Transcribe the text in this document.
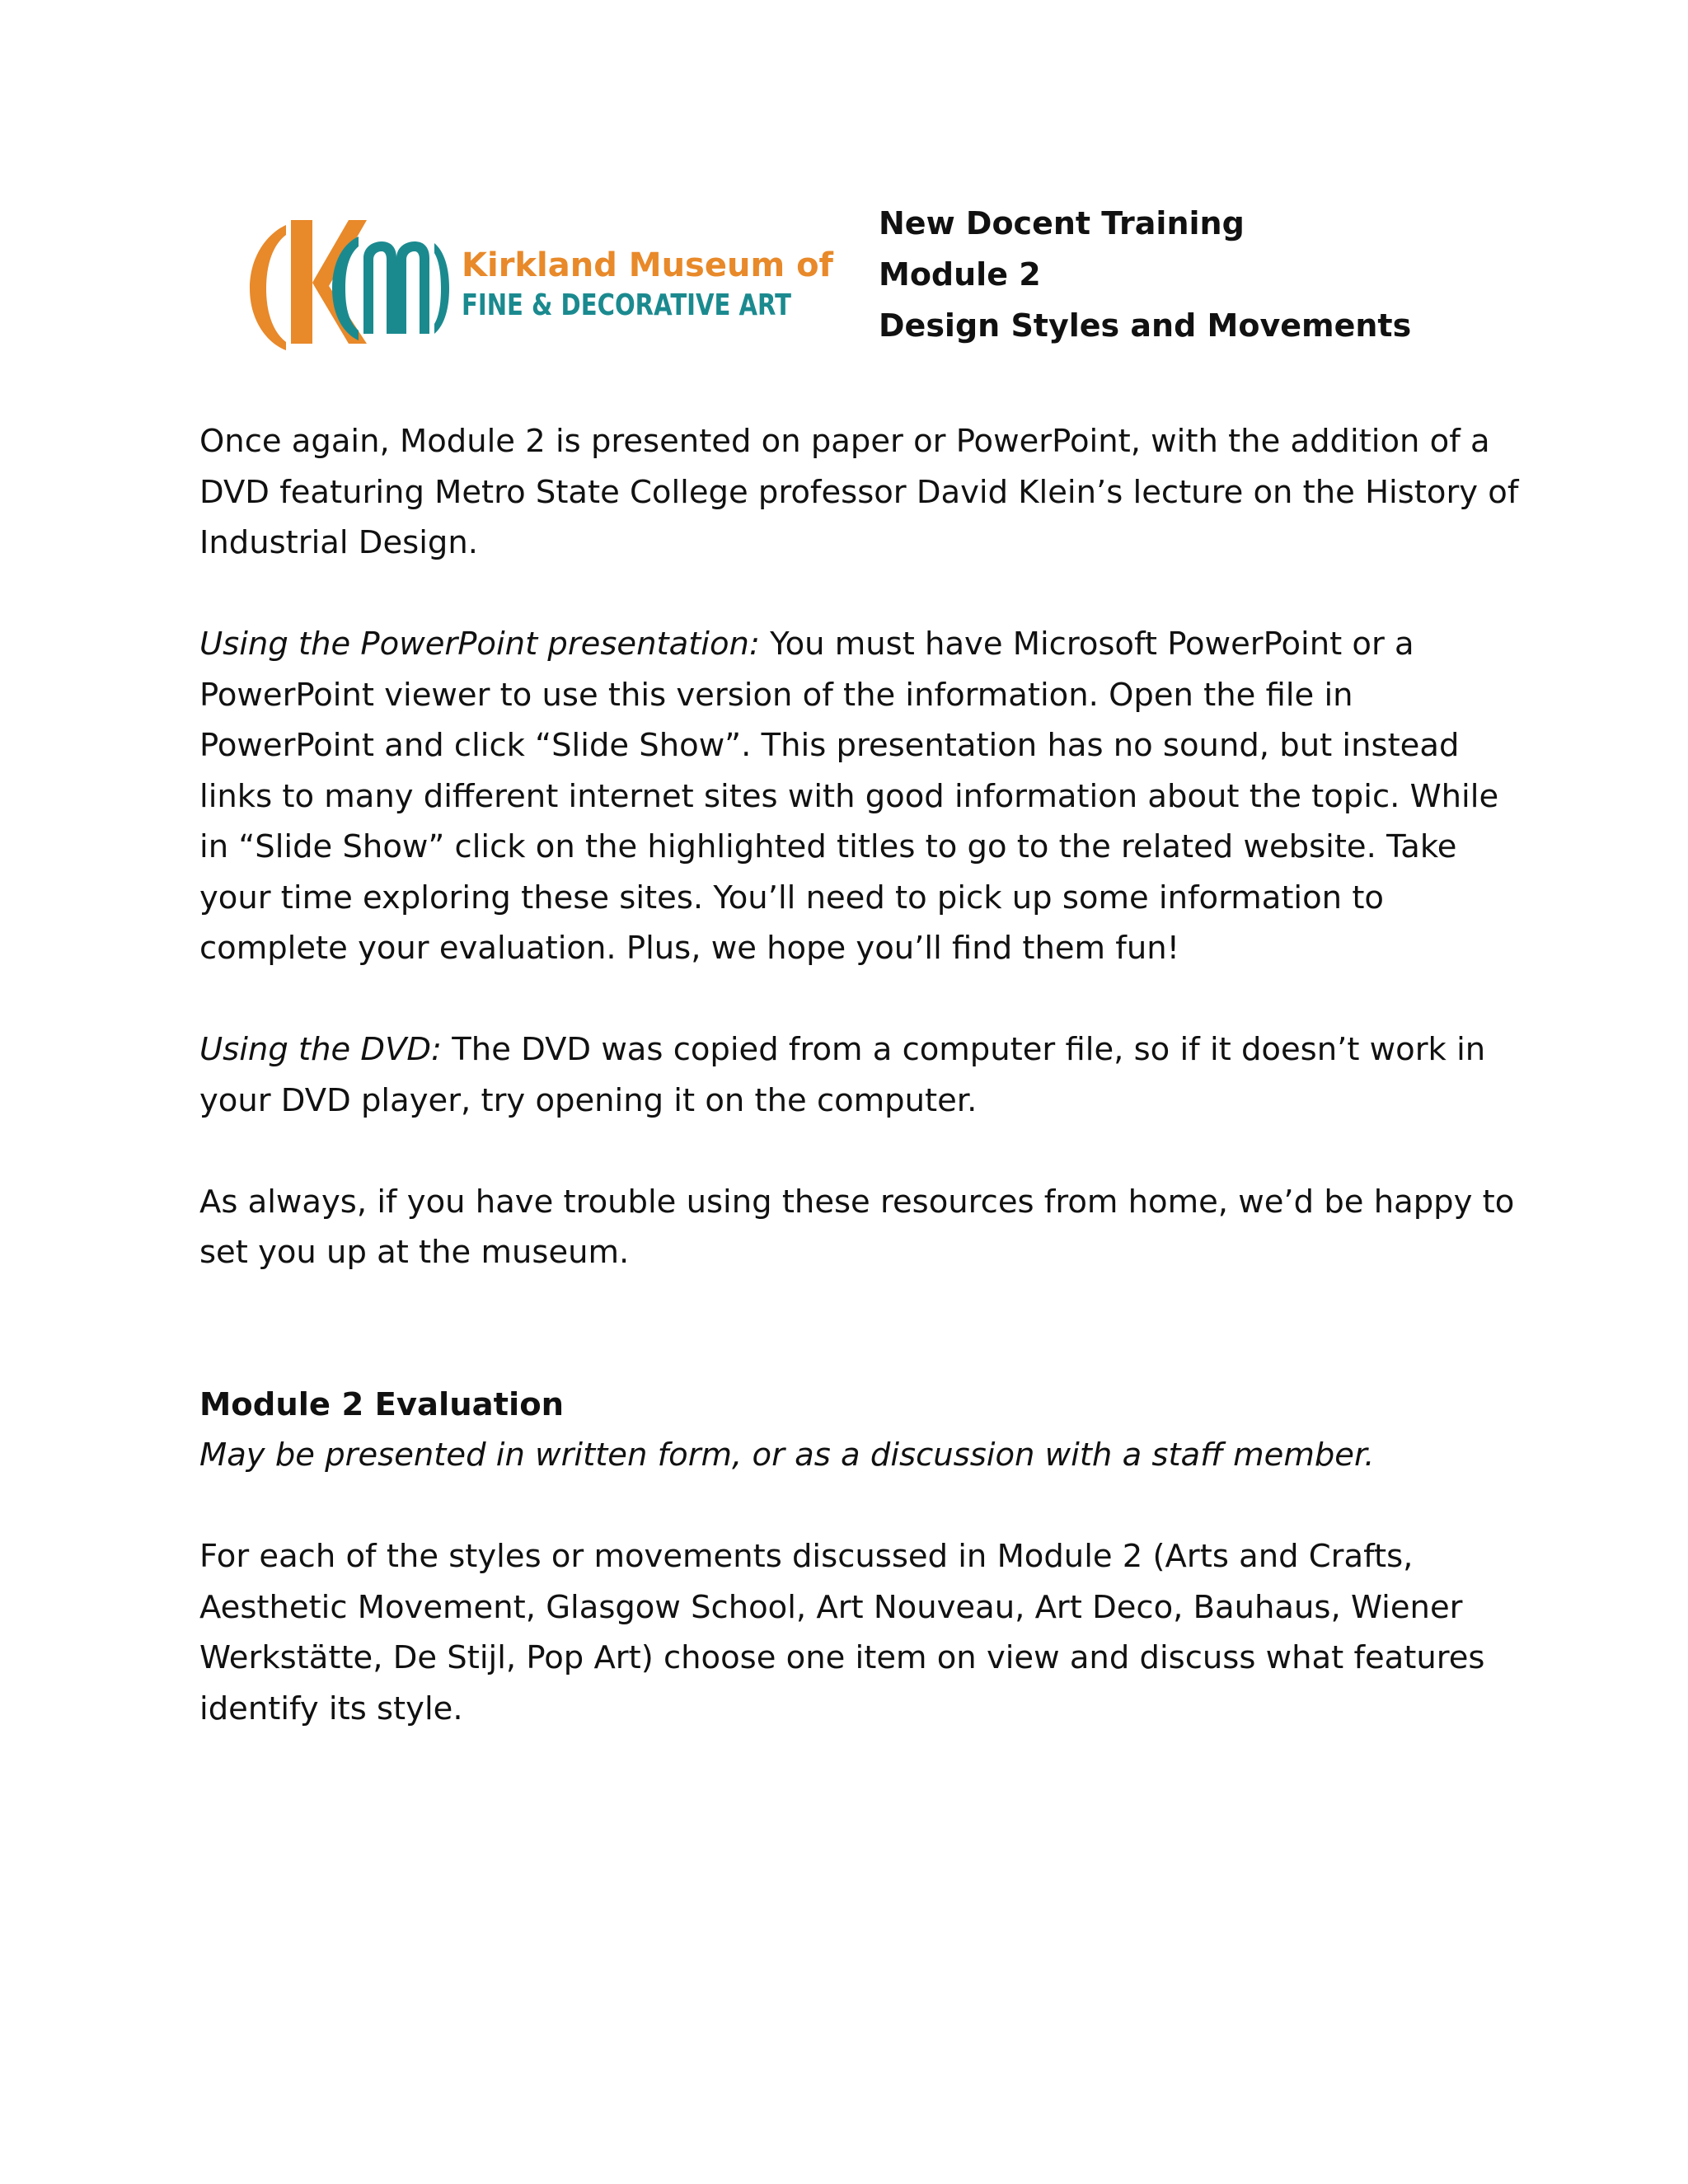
Kirkland Museum of
FINE & DECORATIVE ART
New Docent Training
Module 2
Design Styles and Movements

Once again, Module 2 is presented on paper or PowerPoint, with the addition of a DVD featuring Metro State College professor David Klein’s lecture on the History of Industrial Design.

Using the PowerPoint presentation: You must have Microsoft PowerPoint or a PowerPoint viewer to use this version of the information. Open the file in PowerPoint and click “Slide Show”. This presentation has no sound, but instead links to many different internet sites with good information about the topic. While in “Slide Show” click on the highlighted titles to go to the related website. Take your time exploring these sites. You’ll need to pick up some information to complete your evaluation. Plus, we hope you’ll find them fun!

Using the DVD: The DVD was copied from a computer file, so if it doesn’t work in your DVD player, try opening it on the computer.

As always, if you have trouble using these resources from home, we’d be happy to set you up at the museum.

Module 2 Evaluation

May be presented in written form, or as a discussion with a staff member.

For each of the styles or movements discussed in Module 2 (Arts and Crafts, Aesthetic Movement, Glasgow School, Art Nouveau, Art Deco, Bauhaus, Wiener Werkstätte, De Stijl, Pop Art) choose one item on view and discuss what features identify its style.
